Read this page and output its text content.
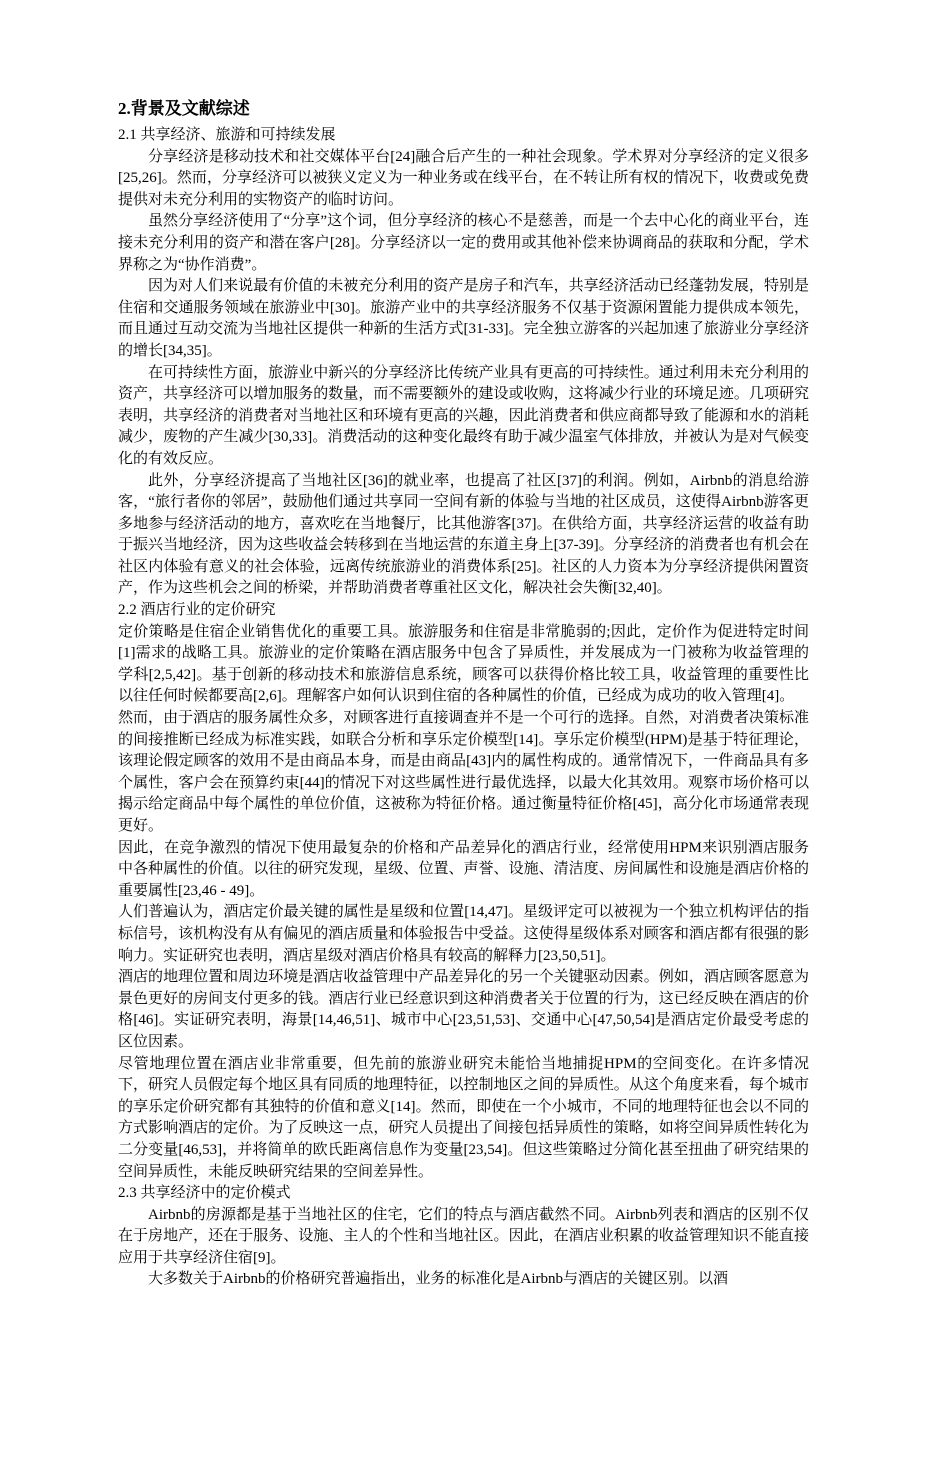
2.背景及文献综述
2.1 共享经济、旅游和可持续发展

分享经济是移动技术和社交媒体平台[24]融合后产生的一种社会现象。学术界对分享经济的定义很多[25,26]。然而，分享经济可以被狭义定义为一种业务或在线平台，在不转让所有权的情况下，收费或免费提供对未充分利用的实物资产的临时访问。

虽然分享经济使用了“分享”这个词，但分享经济的核心不是慈善，而是一个去中心化的商业平台，连接未充分利用的资产和潜在客户[28]。分享经济以一定的费用或其他补偿来协调商品的获取和分配，学术界称之为“协作消费”。

因为对人们来说最有价值的未被充分利用的资产是房子和汽车，共享经济活动已经蓬勃发展，特别是住宿和交通服务领域在旅游业中[30]。旅游产业中的共享经济服务不仅基于资源闲置能力提供成本领先，而且通过互动交流为当地社区提供一种新的生活方式[31-33]。完全独立游客的兴起加速了旅游业分享经济的增长[34,35]。

在可持续性方面，旅游业中新兴的分享经济比传统产业具有更高的可持续性。通过利用未充分利用的资产，共享经济可以增加服务的数量，而不需要额外的建设或收购，这将减少行业的环境足迹。几项研究表明，共享经济的消费者对当地社区和环境有更高的兴趣，因此消费者和供应商都导致了能源和水的消耗减少，废物的产生减少[30,33]。消费活动的这种变化最终有助于减少温室气体排放，并被认为是对气候变化的有效反应。

此外，分享经济提高了当地社区[36]的就业率，也提高了社区[37]的利润。例如，Airbnb的消息给游客，“旅行者你的邻居”，鼓励他们通过共享同一空间有新的体验与当地的社区成员，这使得Airbnb游客更多地参与经济活动的地方，喜欢吃在当地餐厅，比其他游客[37]。在供给方面，共享经济运营的收益有助于振兴当地经济，因为这些收益会转移到在当地运营的东道主身上[37-39]。分享经济的消费者也有机会在社区内体验有意义的社会体验，远离传统旅游业的消费体系[25]。社区的人力资本为分享经济提供闲置资产，作为这些机会之间的桥梁，并帮助消费者尊重社区文化，解决社会失衡[32,40]。

2.2 酒店行业的定价研究

定价策略是住宿企业销售优化的重要工具。旅游服务和住宿是非常脆弱的;因此，定价作为促进特定时间[1]需求的战略工具。旅游业的定价策略在酒店服务中包含了异质性，并发展成为一门被称为收益管理的学科[2,5,42]。基于创新的移动技术和旅游信息系统，顾客可以获得价格比较工具，收益管理的重要性比以往任何时候都要高[2,6]。理解客户如何认识到住宿的各种属性的价值，已经成为成功的收入管理[4]。

然而，由于酒店的服务属性众多，对顾客进行直接调查并不是一个可行的选择。自然，对消费者决策标准的间接推断已经成为标准实践，如联合分析和享乐定价模型[14]。享乐定价模型(HPM)是基于特征理论，该理论假定顾客的效用不是由商品本身，而是由商品[43]内的属性构成的。通常情况下，一件商品具有多个属性，客户会在预算约束[44]的情况下对这些属性进行最优选择，以最大化其效用。观察市场价格可以揭示给定商品中每个属性的单位价值，这被称为特征价格。通过衡量特征价格[45]，高分化市场通常表现更好。

因此，在竞争激烈的情况下使用最复杂的价格和产品差异化的酒店行业，经常使用HPM来识别酒店服务中各种属性的价值。以往的研究发现，星级、位置、声誉、设施、清洁度、房间属性和设施是酒店价格的重要属性[23,46 - 49]。

人们普遍认为，酒店定价最关键的属性是星级和位置[14,47]。星级评定可以被视为一个独立机构评估的指标信号，该机构没有从有偏见的酒店质量和体验报告中受益。这使得星级体系对顾客和酒店都有很强的影响力。实证研究也表明，酒店星级对酒店价格具有较高的解释力[23,50,51]。

酒店的地理位置和周边环境是酒店收益管理中产品差异化的另一个关键驱动因素。例如，酒店顾客愿意为景色更好的房间支付更多的钱。酒店行业已经意识到这种消费者关于位置的行为，这已经反映在酒店的价格[46]。实证研究表明，海景[14,46,51]、城市中心[23,51,53]、交通中心[47,50,54]是酒店定价最受考虑的区位因素。

尽管地理位置在酒店业非常重要，但先前的旅游业研究未能恰当地捕捉HPM的空间变化。在许多情况下，研究人员假定每个地区具有同质的地理特征，以控制地区之间的异质性。从这个角度来看，每个城市的享乐定价研究都有其独特的价值和意义[14]。然而，即使在一个小城市，不同的地理特征也会以不同的方式影响酒店的定价。为了反映这一点，研究人员提出了间接包括异质性的策略，如将空间异质性转化为二分变量[46,53]，并将简单的欧氏距离信息作为变量[23,54]。但这些策略过分简化甚至扭曲了研究结果的空间异质性，未能反映研究结果的空间差异性。

2.3 共享经济中的定价模式

Airbnb的房源都是基于当地社区的住宅，它们的特点与酒店截然不同。Airbnb列表和酒店的区别不仅在于房地产，还在于服务、设施、主人的个性和当地社区。因此，在酒店业积累的收益管理知识不能直接应用于共享经济住宿[9]。

大多数关于Airbnb的价格研究普遍指出，业务的标准化是Airbnb与酒店的关键区别。以酒
